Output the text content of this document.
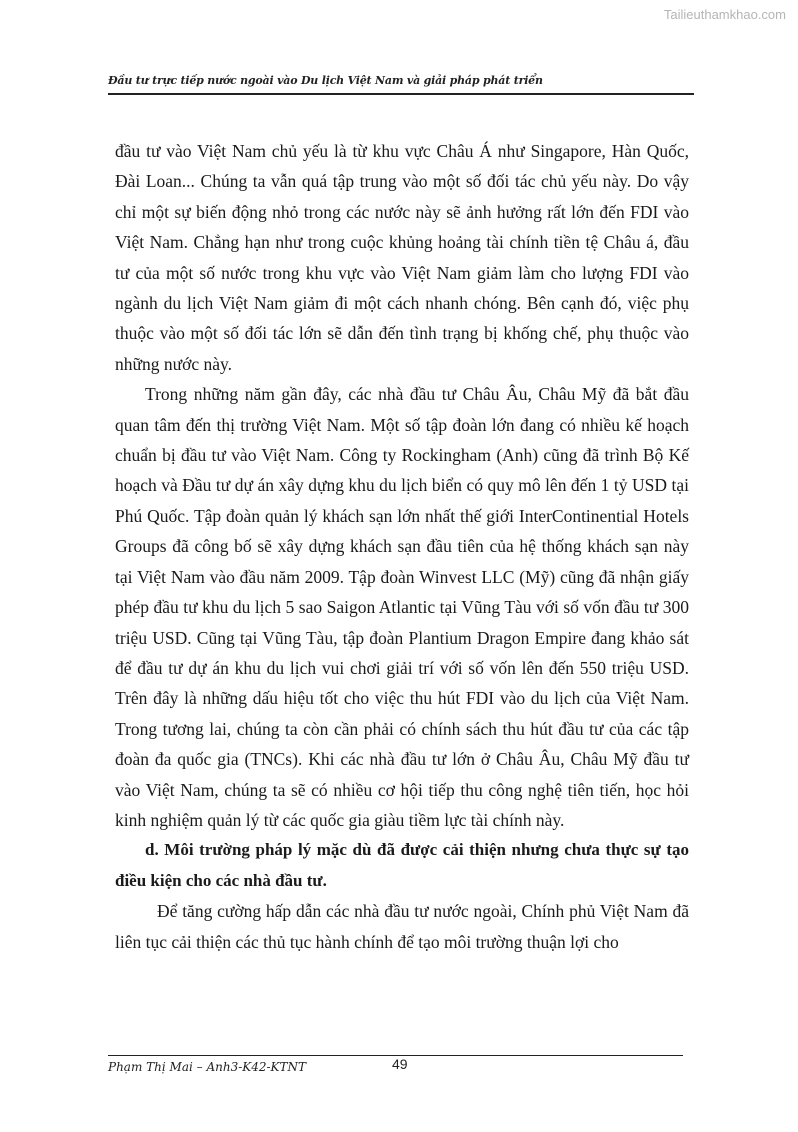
Tailieuthamkhao.com
Đầu tư trực tiếp nước ngoài vào Du lịch Việt Nam và giải pháp phát triển

đầu tư vào Việt Nam chủ yếu là từ khu vực Châu Á như Singapore, Hàn Quốc, Đài Loan... Chúng ta vẫn quá tập trung vào một số đối tác chủ yếu này. Do vậy chỉ một sự biến động nhỏ trong các nước này sẽ ảnh hưởng rất lớn đến FDI vào Việt Nam. Chẳng hạn như trong cuộc khủng hoảng tài chính tiền tệ Châu á, đầu tư của một số nước trong khu vực vào Việt Nam giảm làm cho lượng FDI vào ngành du lịch Việt Nam giảm đi một cách nhanh chóng. Bên cạnh đó, việc phụ thuộc vào một số đối tác lớn sẽ dẫn đến tình trạng bị khống chế, phụ thuộc vào những nước này.

Trong những năm gần đây, các nhà đầu tư Châu Âu, Châu Mỹ đã bắt đầu quan tâm đến thị trường Việt Nam. Một số tập đoàn lớn đang có nhiều kế hoạch chuẩn bị đầu tư vào Việt Nam. Công ty Rockingham (Anh) cũng đã trình Bộ Kế hoạch và Đầu tư dự án xây dựng khu du lịch biển có quy mô lên đến 1 tỷ USD tại Phú Quốc. Tập đoàn quản lý khách sạn lớn nhất thế giới InterContinential Hotels Groups đã công bố sẽ xây dựng khách sạn đầu tiên của hệ thống khách sạn này tại Việt Nam vào đầu năm 2009. Tập đoàn Winvest LLC (Mỹ) cũng đã nhận giấy phép đầu tư khu du lịch 5 sao Saigon Atlantic tại Vũng Tàu với số vốn đầu tư 300 triệu USD. Cũng tại Vũng Tàu, tập đoàn Plantium Dragon Empire đang khảo sát để đầu tư dự án khu du lịch vui chơi giải trí với số vốn lên đến 550 triệu USD. Trên đây là những dấu hiệu tốt cho việc thu hút FDI vào du lịch của Việt Nam. Trong tương lai, chúng ta còn cần phải có chính sách thu hút đầu tư của các tập đoàn đa quốc gia (TNCs). Khi các nhà đầu tư lớn ở Châu Âu, Châu Mỹ đầu tư vào Việt Nam, chúng ta sẽ có nhiều cơ hội tiếp thu công nghệ tiên tiến, học hỏi kinh nghiệm quản lý từ các quốc gia giàu tiềm lực tài chính này.

d. Môi trường pháp lý mặc dù đã được cải thiện nhưng chưa thực sự tạo điều kiện cho các nhà đầu tư.

Để tăng cường hấp dẫn các nhà đầu tư nước ngoài, Chính phủ Việt Nam đã liên tục cải thiện các thủ tục hành chính để tạo môi trường thuận lợi cho

Phạm Thị Mai – Anh3-K42-KTNT	49
